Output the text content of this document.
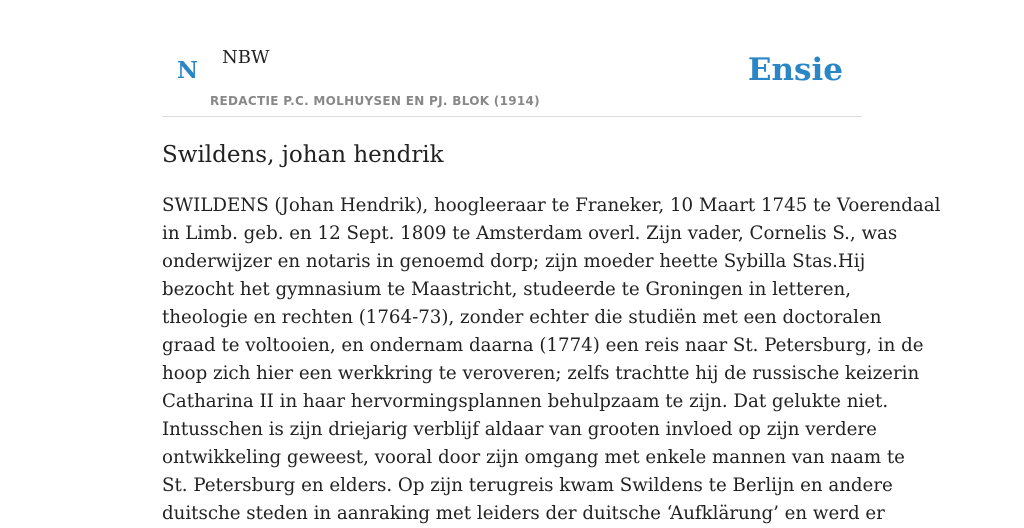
N NBW
REDACTIE P.C. MOLHUYSEN EN PJ. BLOK (1914)
Ensie
Swildens, johan hendrik
SWILDENS (Johan Hendrik), hoogleeraar te Franeker, 10 Maart 1745 te Voerendaal
in Limb. geb. en 12 Sept. 1809 te Amsterdam overl. Zijn vader, Cornelis S., was
onderwijzer en notaris in genoemd dorp; zijn moeder heette Sybilla Stas.Hij
bezocht het gymnasium te Maastricht, studeerde te Groningen in letteren,
theologie en rechten (1764-73), zonder echter die studiën met een doctoralen
graad te voltooien, en ondernam daarna (1774) een reis naar St. Petersburg, in de
hoop zich hier een werkkring te veroveren; zelfs trachtte hij de russische keizerin
Catharina II in haar hervormingsplannen behulpzaam te zijn. Dat gelukte niet.
Intusschen is zijn driejarig verblijf aldaar van grooten invloed op zijn verdere
ontwikkeling geweest, vooral door zijn omgang met enkele mannen van naam te
St. Petersburg en elders. Op zijn terugreis kwam Swildens te Berlijn en andere
duitsche steden in aanraking met leiders der duitsche ‘Aufklärung’ en werd er
